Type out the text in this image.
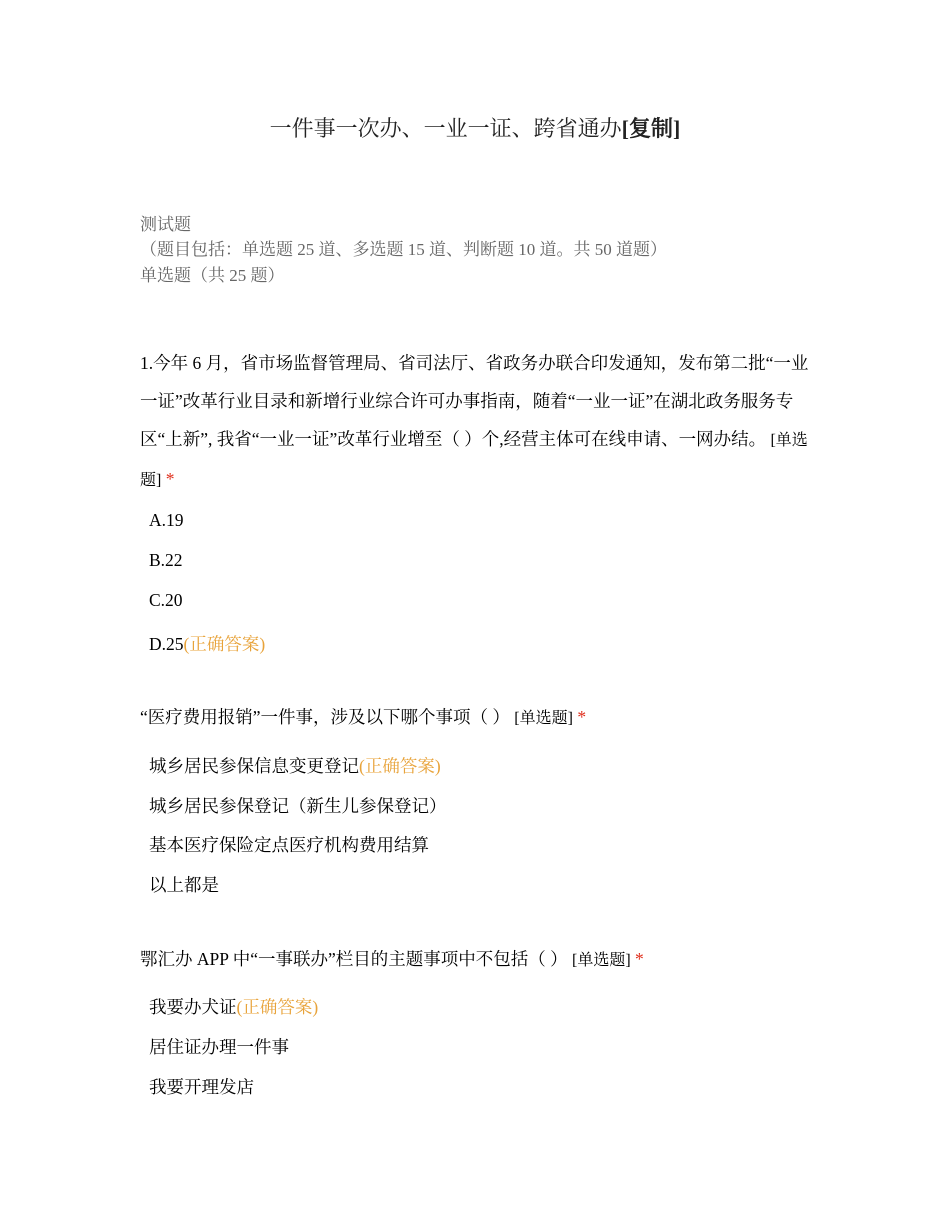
一件事一次办、一业一证、跨省通办[复制]
测试题
（题目包括：单选题 25 道、多选题 15 道、判断题 10 道。共 50 道题）
单选题（共 25 题）
1.今年 6 月，省市场监督管理局、省司法厅、省政务办联合印发通知，发布第二批“一业一证”改革行业目录和新增行业综合许可办事指南，随着“一业一证”在湖北政务服务专区“上新”, 我省“一业一证”改革行业增至（ ）个,经营主体可在线申请、一网办结。 [单选题] *
A.19
B.22
C.20
D.25(正确答案)
“医疗费用报销”一件事，涉及以下哪个事项（ ） [单选题] *
城乡居民参保信息变更登记(正确答案)
城乡居民参保登记（新生儿参保登记）
基本医疗保险定点医疗机构费用结算
以上都是
鄂汇办 APP 中“一事联办”栏目的主题事项中不包括（ ） [单选题] *
我要办犬证(正确答案)
居住证办理一件事
我要开理发店
